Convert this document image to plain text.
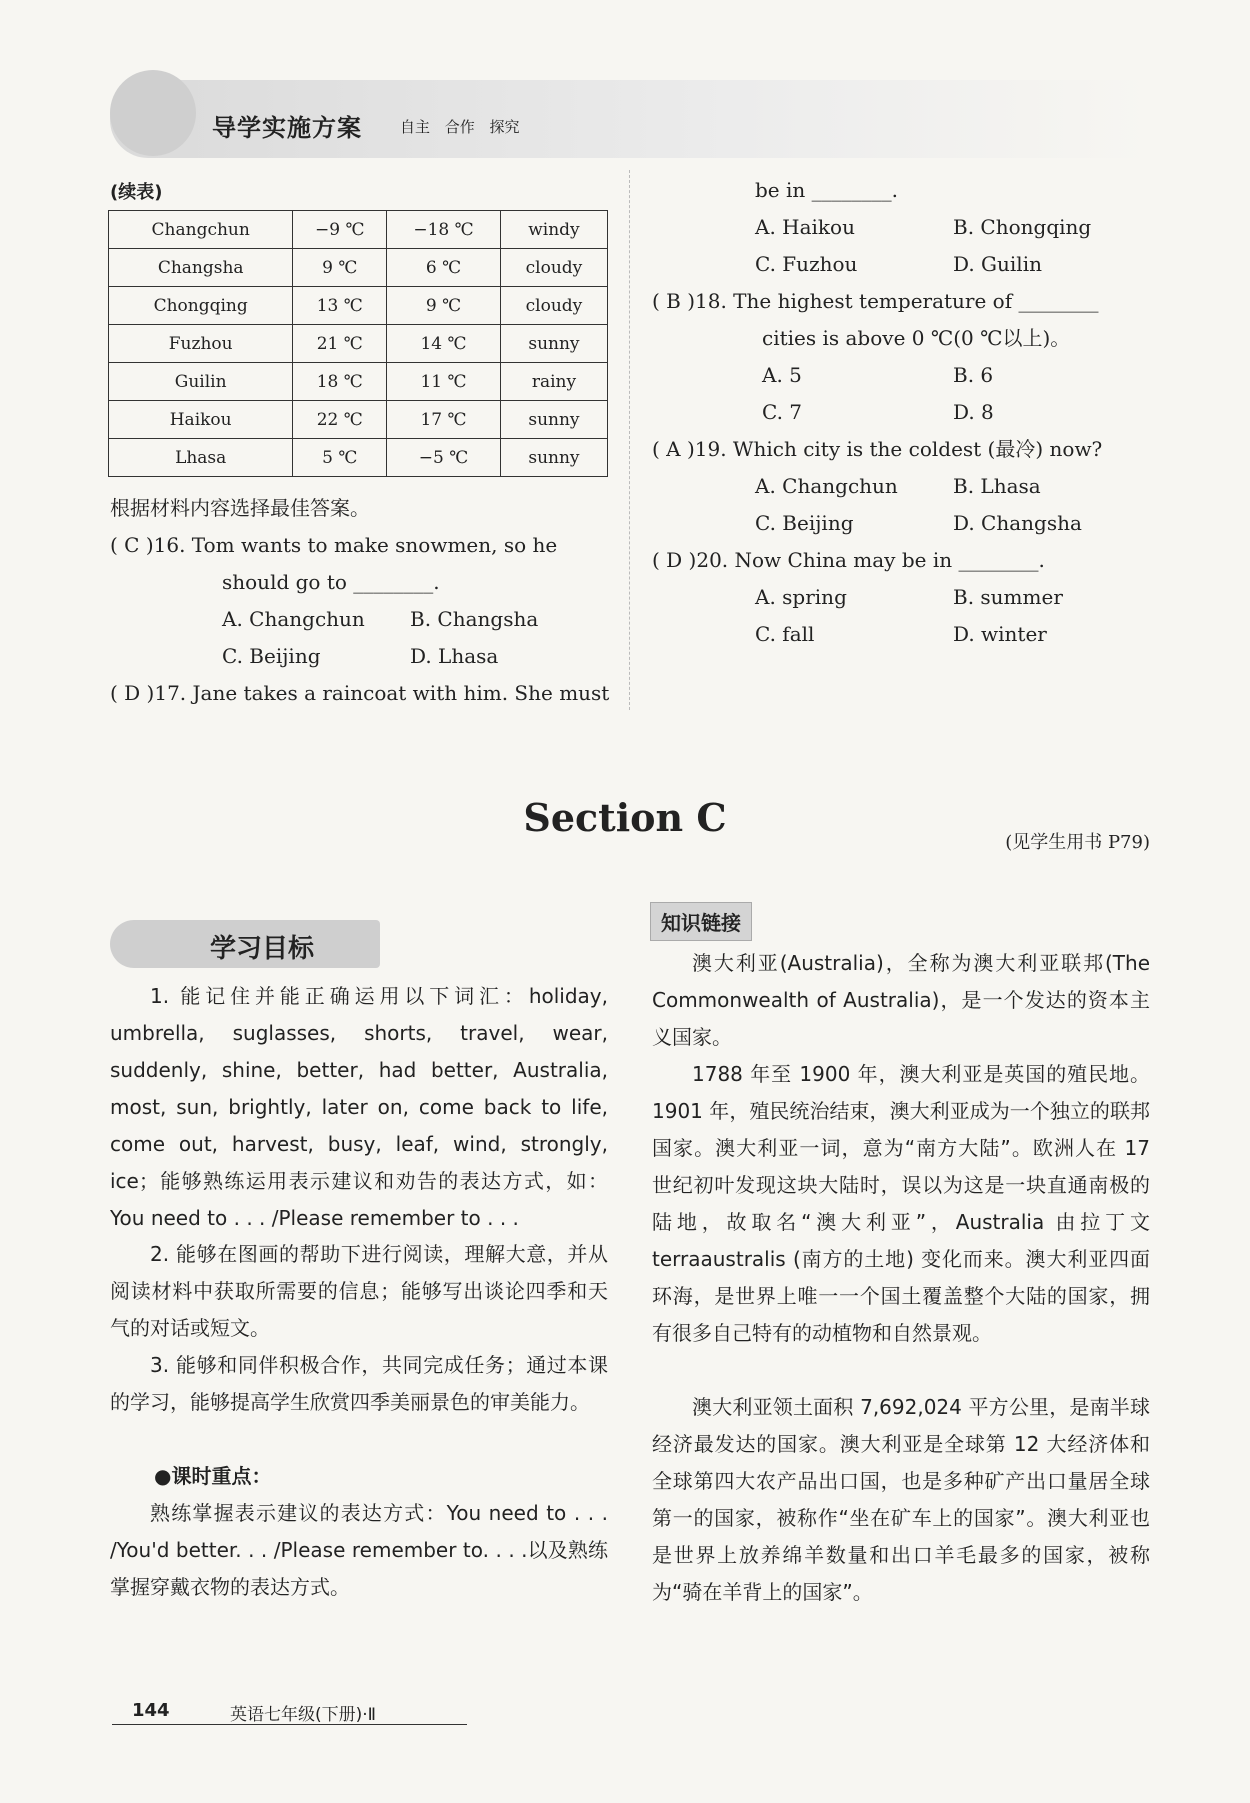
导学实施方案	自主 合作 探究
(续表)
Changchun	−9 ℃	−18 ℃	windy
Changsha	9 ℃	6 ℃	cloudy
Chongqing	13 ℃	9 ℃	cloudy
Fuzhou	21 ℃	14 ℃	sunny
Guilin	18 ℃	11 ℃	rainy
Haikou	22 ℃	17 ℃	sunny
Lhasa	5 ℃	−5 ℃	sunny
根据材料内容选择最佳答案。
( C )16. Tom wants to make snowmen, so he
should go to ________.
A. Changchun B. Changsha
C. Beijing	D. Lhasa
( D )17. Jane takes a raincoat with him. She must
be in ________.
A. Haikou	B. Chongqing
C. Fuzhou	D. Guilin
( B )18. The highest temperature of ________
cities is above 0 ℃(0 ℃以上)。
A. 5	B. 6
C. 7	D. 8
( A )19. Which city is the coldest (最冷) now?
A. Changchun	B. Lhasa
C. Beijing	D. Changsha
( D )20. Now China may be in ________.
A. spring	B. summer
C. fall	D. winter
Section C
(见学生用书 P79)
学习目标
1. 能记住并能正确运用以下词汇：holiday, umbrella, suglasses, shorts, travel, wear, suddenly, shine, better, had better, Australia, most, sun, brightly, later on, come back to life, come out, harvest, busy, leaf, wind, strongly, ice；能够熟练运用表示建议和劝告的表达方式，如：You need to . . . /Please remember to . . .
2. 能够在图画的帮助下进行阅读，理解大意，并从阅读材料中获取所需要的信息；能够写出谈论四季和天气的对话或短文。
3. 能够和同伴积极合作，共同完成任务；通过本课的学习，能够提高学生欣赏四季美丽景色的审美能力。
●课时重点：
熟练掌握表示建议的表达方式：You need to . . . /You'd better. . . /Please remember to. . . .以及熟练掌握穿戴衣物的表达方式。
知识链接
澳大利亚(Australia)，全称为澳大利亚联邦(The Commonwealth of Australia)，是一个发达的资本主义国家。
1788 年至 1900 年，澳大利亚是英国的殖民地。1901 年，殖民统治结束，澳大利亚成为一个独立的联邦国家。澳大利亚一词，意为“南方大陆”。欧洲人在 17 世纪初叶发现这块大陆时，误以为这是一块直通南极的陆地，故取名“澳大利亚”，Australia 由拉丁文 terraaustralis (南方的土地) 变化而来。澳大利亚四面环海，是世界上唯一一个国土覆盖整个大陆的国家，拥有很多自己特有的动植物和自然景观。
澳大利亚领土面积 7,692,024 平方公里，是南半球经济最发达的国家。澳大利亚是全球第 12 大经济体和全球第四大农产品出口国，也是多种矿产出口量居全球第一的国家，被称作“坐在矿车上的国家”。澳大利亚也是世界上放养绵羊数量和出口羊毛最多的国家，被称为“骑在羊背上的国家”。
144	英语七年级(下册)·Ⅱ
